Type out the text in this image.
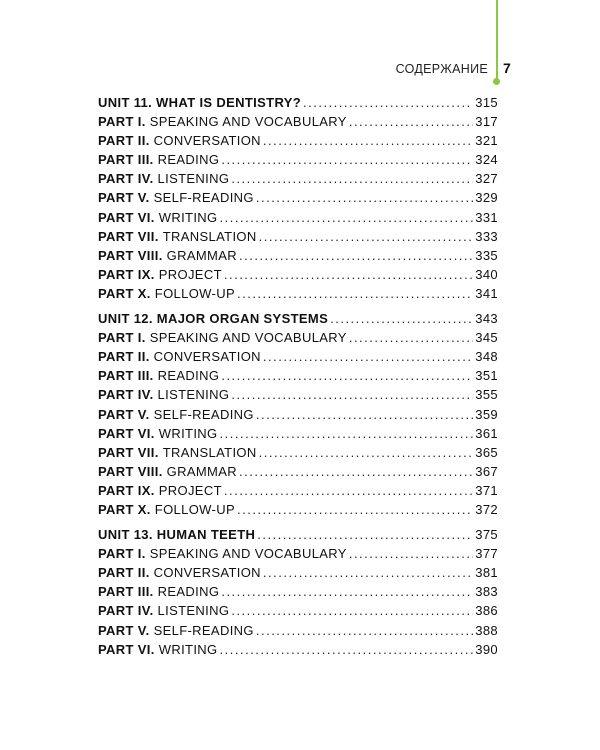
СОДЕРЖАНИЕ 7
UNIT 11. WHAT IS DENTISTRY? .....	315
PART I. SPEAKING AND VOCABULARY .....	317
PART II. CONVERSATION .....	321
PART III. READING .....	324
PART IV. LISTENING .....	327
PART V. SELF-READING .....	329
PART VI. WRITING .....	331
PART VII. TRANSLATION .....	333
PART VIII. GRAMMAR .....	335
PART IX. PROJECT .....	340
PART X. FOLLOW-UP .....	341
UNIT 12. MAJOR ORGAN SYSTEMS .....	343
PART I. SPEAKING AND VOCABULARY .....	345
PART II. CONVERSATION .....	348
PART III. READING .....	351
PART IV. LISTENING .....	355
PART V. SELF-READING .....	359
PART VI. WRITING .....	361
PART VII. TRANSLATION .....	365
PART VIII. GRAMMAR .....	367
PART IX. PROJECT .....	371
PART X. FOLLOW-UP .....	372
UNIT 13. HUMAN TEETH .....	375
PART I. SPEAKING AND VOCABULARY .....	377
PART II. CONVERSATION .....	381
PART III. READING .....	383
PART IV. LISTENING .....	386
PART V. SELF-READING .....	388
PART VI. WRITING .....	390
